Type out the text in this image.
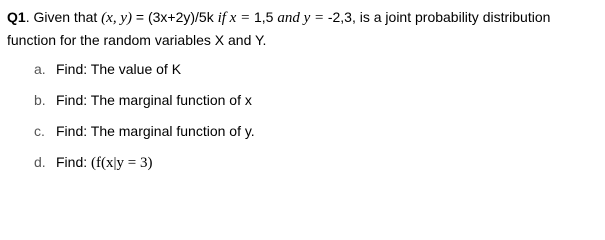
Q1. Given that (x, y) = (3x+2y)/5k if x = 1,5 and y = -2,3, is a joint probability distribution
function for the random variables X and Y.
a. Find: The value of K
b. Find: The marginal function of x
c. Find: The marginal function of y.
d. Find: (f(x|y = 3)
